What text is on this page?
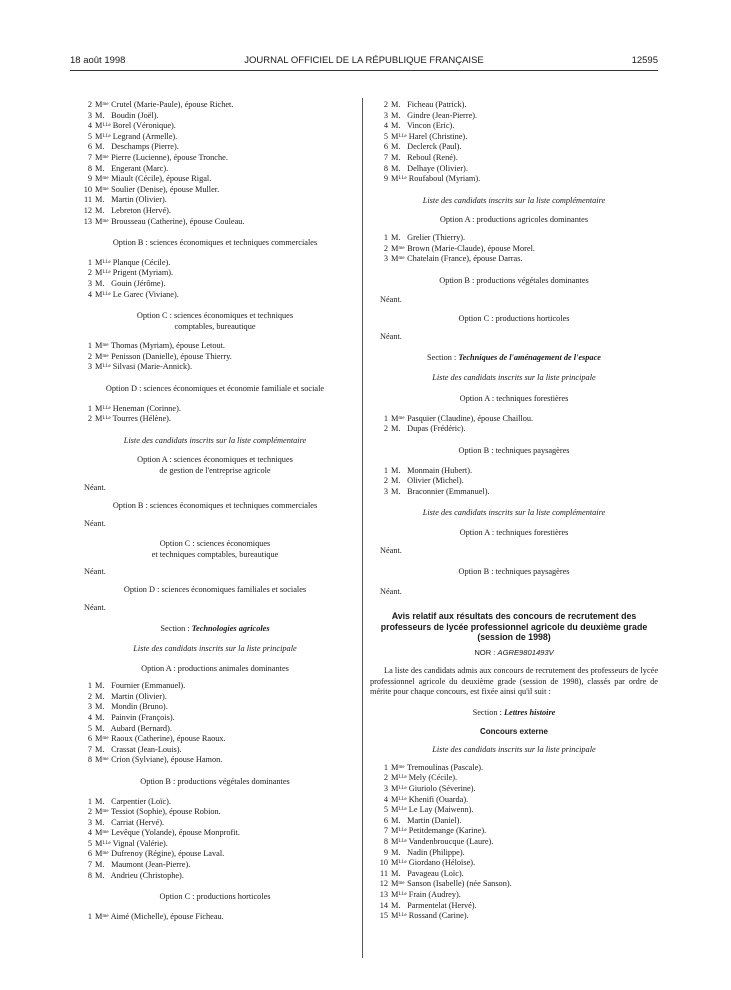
18 août 1998	JOURNAL OFFICIEL DE LA RÉPUBLIQUE FRANÇAISE	12595
2 Mᵐᵉ Crutel (Marie-Paule), épouse Richet.
3 M. Boudin (Joël).
4 Mᴸᴸᵉ Borel (Véronique).
5 Mᴸᴸᵉ Legrand (Armelle).
6 M. Deschamps (Pierre).
7 Mᵐᵉ Pierre (Lucienne), épouse Tronche.
8 M. Engerant (Marc).
9 Mᵐᵉ Miault (Cécile), épouse Rigal.
10 Mᵐᵉ Soulier (Denise), épouse Muller.
11 M. Martin (Olivier).
12 M. Lebreton (Hervé).
13 Mᵐᵉ Brousseau (Catherine), épouse Couleau.
Option B : sciences économiques et techniques commerciales
1 Mᴸᴸᵉ Planque (Cécile).
2 Mᴸᴸᵉ Prigent (Myriam).
3 M. Gouin (Jérôme).
4 Mᴸᴸᵉ Le Garec (Viviane).
Option C : sciences économiques et techniques
comptables, bureautique
1 Mᵐᵉ Thomas (Myriam), épouse Letout.
2 Mᵐᵉ Penisson (Danielle), épouse Thierry.
3 Mᴸᴸᵉ Silvasi (Marie-Annick).
Option D : sciences économiques et économie familiale et sociale
1 Mᴸᴸᵉ Heneman (Corinne).
2 Mᴸᴸᵉ Tourres (Hélène).
Liste des candidats inscrits sur la liste complémentaire
Option A : sciences économiques et techniques
de gestion de l'entreprise agricole
Néant.
Option B : sciences économiques et techniques commerciales
Néant.
Option C : sciences économiques
et techniques comptables, bureautique
Néant.
Option D : sciences économiques familiales et sociales
Néant.
Section : Technologies agricoles
Liste des candidats inscrits sur la liste principale
Option A : productions animales dominantes
1 M. Fournier (Emmanuel).
2 M. Martin (Olivier).
3 M. Mondin (Bruno).
4 M. Painvin (François).
5 M. Aubard (Bernard).
6 Mᵐᵉ Raoux (Catherine), épouse Raoux.
7 M. Crassat (Jean-Louis).
8 Mᵐᵉ Crion (Sylviane), épouse Hamon.
Option B : productions végétales dominantes
1 M. Carpentier (Loïc).
2 Mᵐᵉ Tessiot (Sophie), épouse Robion.
3 M. Carriat (Hervé).
4 Mᵐᵉ Levêque (Yolande), épouse Monprofit.
5 Mᴸᴸᵉ Vignal (Valérie).
6 Mᵐᵉ Dufrenoy (Régine), épouse Laval.
7 M. Maumont (Jean-Pierre).
8 M. Andrieu (Christophe).
Option C : productions horticoles
1 Mᵐᵉ Aimé (Michelle), épouse Ficheau.
2 M. Ficheau (Patrick).
3 M. Gindre (Jean-Pierre).
4 M. Vincon (Eric).
5 Mᴸᴸᵉ Harel (Christine).
6 M. Declerck (Paul).
7 M. Reboul (René).
8 M. Delhaye (Olivier).
9 Mᴸᴸᵉ Roufaboul (Myriam).
Liste des candidats inscrits sur la liste complémentaire
Option A : productions agricoles dominantes
1 M. Grelier (Thierry).
2 Mᵐᵉ Brown (Marie-Claude), épouse Morel.
3 Mᵐᵉ Chatelain (France), épouse Darras.
Option B : productions végétales dominantes
Néant.
Option C : productions horticoles
Néant.
Section : Techniques de l'aménagement de l'espace
Liste des candidats inscrits sur la liste principale
Option A : techniques forestières
1 Mᵐᵉ Pasquier (Claudine), épouse Chaillou.
2 M. Dupas (Frédéric).
Option B : techniques paysagères
1 M. Monmain (Hubert).
2 M. Olivier (Michel).
3 M. Braconnier (Emmanuel).
Liste des candidats inscrits sur la liste complémentaire
Option A : techniques forestières
Néant.
Option B : techniques paysagères
Néant.
Avis relatif aux résultats des concours de recrutement des professeurs de lycée professionnel agricole du deuxième grade (session de 1998)
NOR : AGRE9801493V
La liste des candidats admis aux concours de recrutement des professeurs de lycée professionnel agricole du deuxième grade (session de 1998), classés par ordre de mérite pour chaque concours, est fixée ainsi qu'il suit :
Section : Lettres histoire
Concours externe
Liste des candidats inscrits sur la liste principale
1 Mᵐᵉ Tremoulinas (Pascale).
2 Mᴸᴸᵉ Mely (Cécile).
3 Mᴸᴸᵉ Giuriolo (Séverine).
4 Mᴸᴸᵉ Khenifi (Ouarda).
5 Mᴸᴸᵉ Le Lay (Maiwenn).
6 M. Martin (Daniel).
7 Mᴸᴸᵉ Petitdemange (Karine).
8 Mᴸᴸᵉ Vandenbroucque (Laure).
9 M. Nadin (Philippe).
10 Mᴸᴸᵉ Giordano (Héloïse).
11 M. Pavageau (Loïc).
12 Mᵐᵉ Sanson (Isabelle) (née Sanson).
13 Mᴸᴸᵉ Frain (Audrey).
14 M. Parmentelat (Hervé).
15 Mᴸᴸᵉ Rossand (Carine).
